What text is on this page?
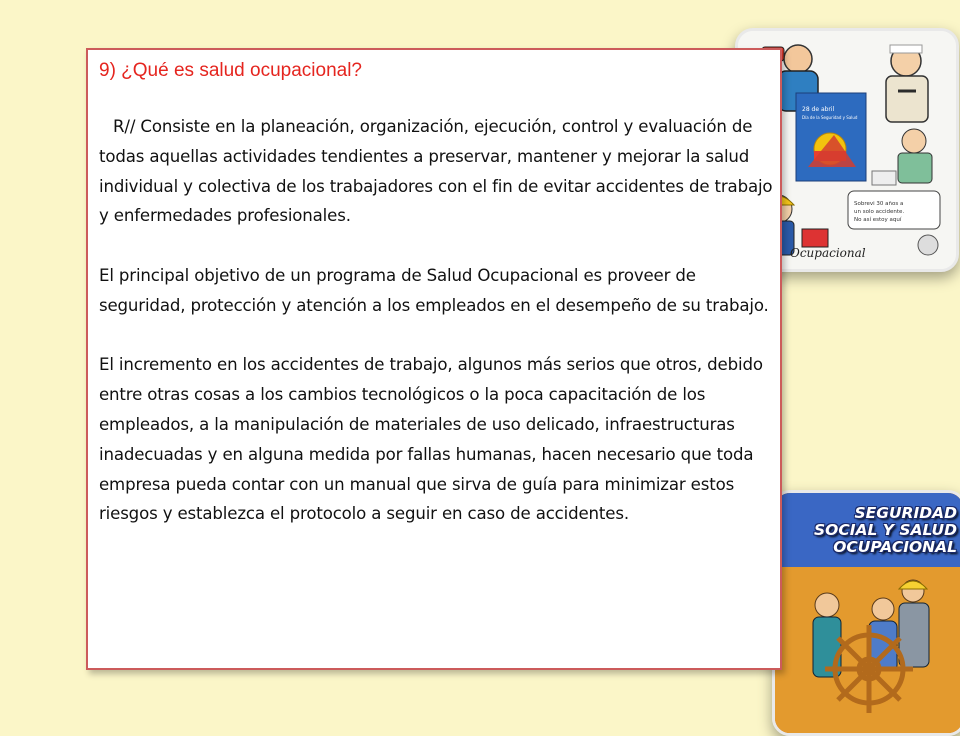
28 de abril
Día de la Seguridad y Salud
Sobrevi 30 años a
un solo accidente.
No así estoy aquí
Ocupacional
SEGURIDAD
SOCIAL Y SALUD
OCUPACIONAL
9) ¿Qué es salud ocupacional?

R// Consiste en la planeación, organización, ejecución, control y evaluación de todas aquellas actividades tendientes a preservar, mantener y mejorar la salud individual y colectiva de los trabajadores con el fin de evitar accidentes de trabajo y enfermedades profesionales.

El principal objetivo de un programa de Salud Ocupacional es proveer de seguridad, protección y atención a los empleados en el desempeño de su trabajo.

El incremento en los accidentes de trabajo, algunos más serios que otros, debido entre otras cosas a los cambios tecnológicos o la poca capacitación de los empleados, a la manipulación de materiales de uso delicado, infraestructuras inadecuadas y en alguna medida por fallas humanas, hacen necesario que toda empresa pueda contar con un manual que sirva de guía para minimizar estos riesgos y establezca el protocolo a seguir en caso de accidentes.
